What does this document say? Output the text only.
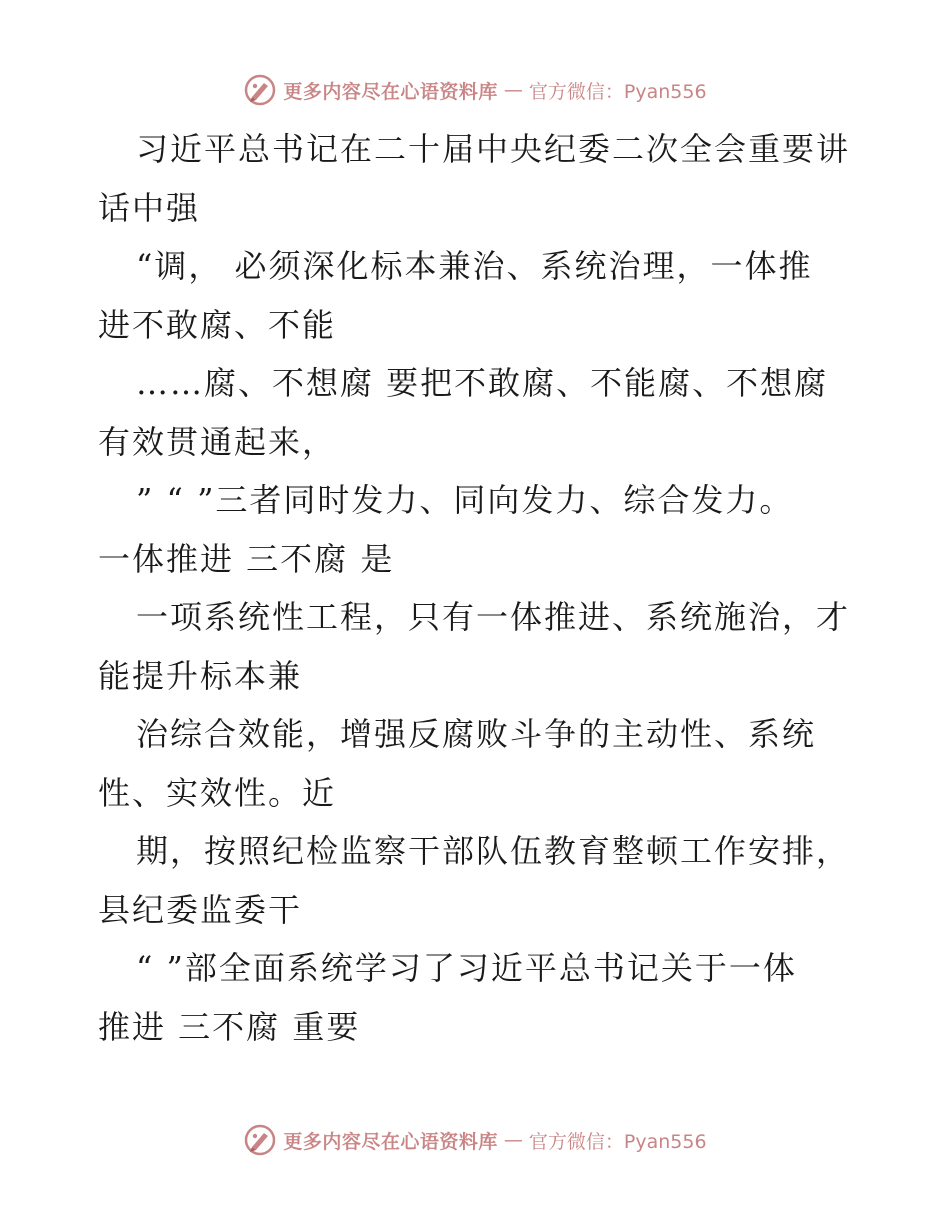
更多内容尽在心语资料库 — 官方微信：Pyan556
习近平总书记在二十届中央纪委二次全会重要讲
话中强
“调， 必须深化标本兼治、系统治理，一体推
进不敢腐、不能
……腐、不想腐 要把不敢腐、不能腐、不想腐
有效贯通起来，
” “ ”三者同时发力、同向发力、综合发力。
一体推进 三不腐 是
一项系统性工程，只有一体推进、系统施治，才
能提升标本兼
治综合效能，增强反腐败斗争的主动性、系统
性、实效性。近
期，按照纪检监察干部队伍教育整顿工作安排，
县纪委监委干
“ ”部全面系统学习了习近平总书记关于一体
推进 三不腐 重要
更多内容尽在心语资料库 — 官方微信：Pyan556
